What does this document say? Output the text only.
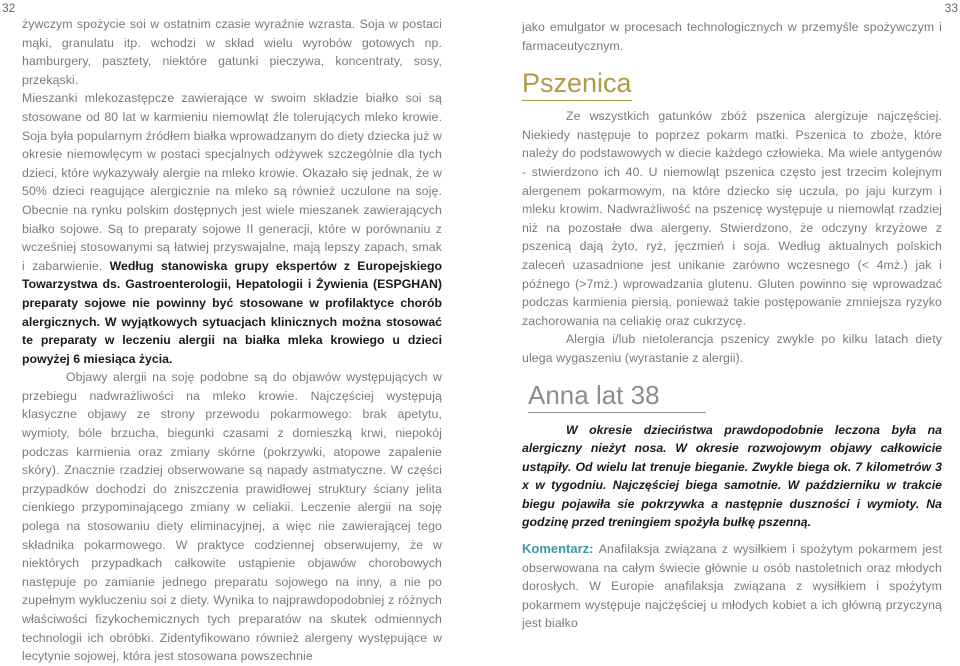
32

żywczym spożycie soi w ostatnim czasie wyraźnie wzrasta. Soja w postaci mąki, granulatu itp. wchodzi w skład wielu wyrobów gotowych np. hamburgery, pasztety, niektóre gatunki pieczywa, koncentraty, sosy, przekąski.

Mieszanki mlekozastępcze zawierające w swoim składzie białko soi są stosowane od 80 lat w karmieniu niemowląt źle tolerujących mleko krowie. Soja była popularnym źródłem białka wprowadzanym do diety dziecka już w okresie niemowlęcym w postaci specjalnych odżywek szczególnie dla tych dzieci, które wykazywały alergie na mleko krowie. Okazało się jednak, że w 50% dzieci reagujące alergicznie na mleko są również uczulone na soję. Obecnie na rynku polskim dostępnych jest wiele mieszanek zawierających białko sojowe. Są to preparaty sojowe II generacji, które w porównaniu z wcześniej stosowanymi są łatwiej przyswajalne, mają lepszy zapach, smak i zabarwienie. Według stanowiska grupy ekspertów z Europejskiego Towarzystwa ds. Gastroenterologii, Hepatologii i Żywienia (ESPGHAN) preparaty sojowe nie powinny być stosowane w profilaktyce chorób alergicznych. W wyjątkowych sytuacjach klinicznych można stosować te preparaty w leczeniu alergii na białka mleka krowiego u dzieci powyżej 6 miesiąca życia.

Objawy alergii na soję podobne są do objawów występujących w przebiegu nadwrażliwości na mleko krowie. Najczęściej występują klasyczne objawy ze strony przewodu pokarmowego: brak apetytu, wymioty, bóle brzucha, biegunki czasami z domieszką krwi, niepokój podczas karmienia oraz zmiany skórne (pokrzywki, atopowe zapalenie skóry). Znacznie rzadziej obserwowane są napady astmatyczne. W części przypadków dochodzi do zniszczenia prawidłowej struktury ściany jelita cienkiego przypominającego zmiany w celiakii. Leczenie alergii na soję polega na stosowaniu diety eliminacyjnej, a więc nie zawierającej tego składnika pokarmowego. W praktyce codziennej obserwujemy, że w niektórych przypadkach całkowite ustąpienie objawów chorobowych następuje po zamianie jednego preparatu sojowego na inny, a nie po zupełnym wykluczeniu soi z diety. Wynika to najprawdopodobniej z różnych właściwości fizykochemicznych tych preparatów na skutek odmiennych technologii ich obróbki. Zidentyfikowano również alergeny występujące w lecytynie sojowej, która jest stosowana powszechnie

33

jako emulgator w procesach technologicznych w przemyśle spożywczym i farmaceutycznym.

Pszenica

Ze wszystkich gatunków zbóż pszenica alergizuje najczęściej. Niekiedy następuje to poprzez pokarm matki. Pszenica to zboże, które należy do podstawowych w diecie każdego człowieka. Ma wiele antygenów - stwierdzono ich 40. U niemowląt pszenica często jest trzecim kolejnym alergenem pokarmowym, na które dziecko się uczula, po jaju kurzym i mleku krowim. Nadwrażliwość na pszenicę występuje u niemowląt rzadziej niż na pozostałe dwa alergeny. Stwierdzono, że odczyny krzyżowe z pszenicą dają żyto, ryż, jęczmień i soja. Według aktualnych polskich zaleceń uzasadnione jest unikanie zarówno wczesnego (< 4mż.) jak i późnego (>7mż.) wprowadzania glutenu. Gluten powinno się wprowadzać podczas karmienia piersią, ponieważ takie postępowanie zmniejsza ryzyko zachorowania na celiakię oraz cukrzycę.

Alergia i/lub nietolerancja pszenicy zwykle po kilku latach diety ulega wygaszeniu (wyrastanie z alergii).

Anna lat 38

W okresie dzieciństwa prawdopodobnie leczona była na alergiczny nieżyt nosa. W okresie rozwojowym objawy całkowicie ustąpiły. Od wielu lat trenuje bieganie. Zwykle biega ok. 7 kilometrów 3 x w tygodniu. Najczęściej biega samotnie. W październiku w trakcie biegu pojawiła sie pokrzywka a następnie duszności i wymioty. Na godzinę przed treningiem spożyła bułkę pszenną.

Komentarz: Anafilaksja związana z wysiłkiem i spożytym pokarmem jest obserwowana na całym świecie głównie u osób nastoletnich oraz młodych dorosłych. W Europie anafilaksja związana z wysiłkiem i spożytym pokarmem występuje najczęściej u młodych kobiet a ich główną przyczyną jest białko
